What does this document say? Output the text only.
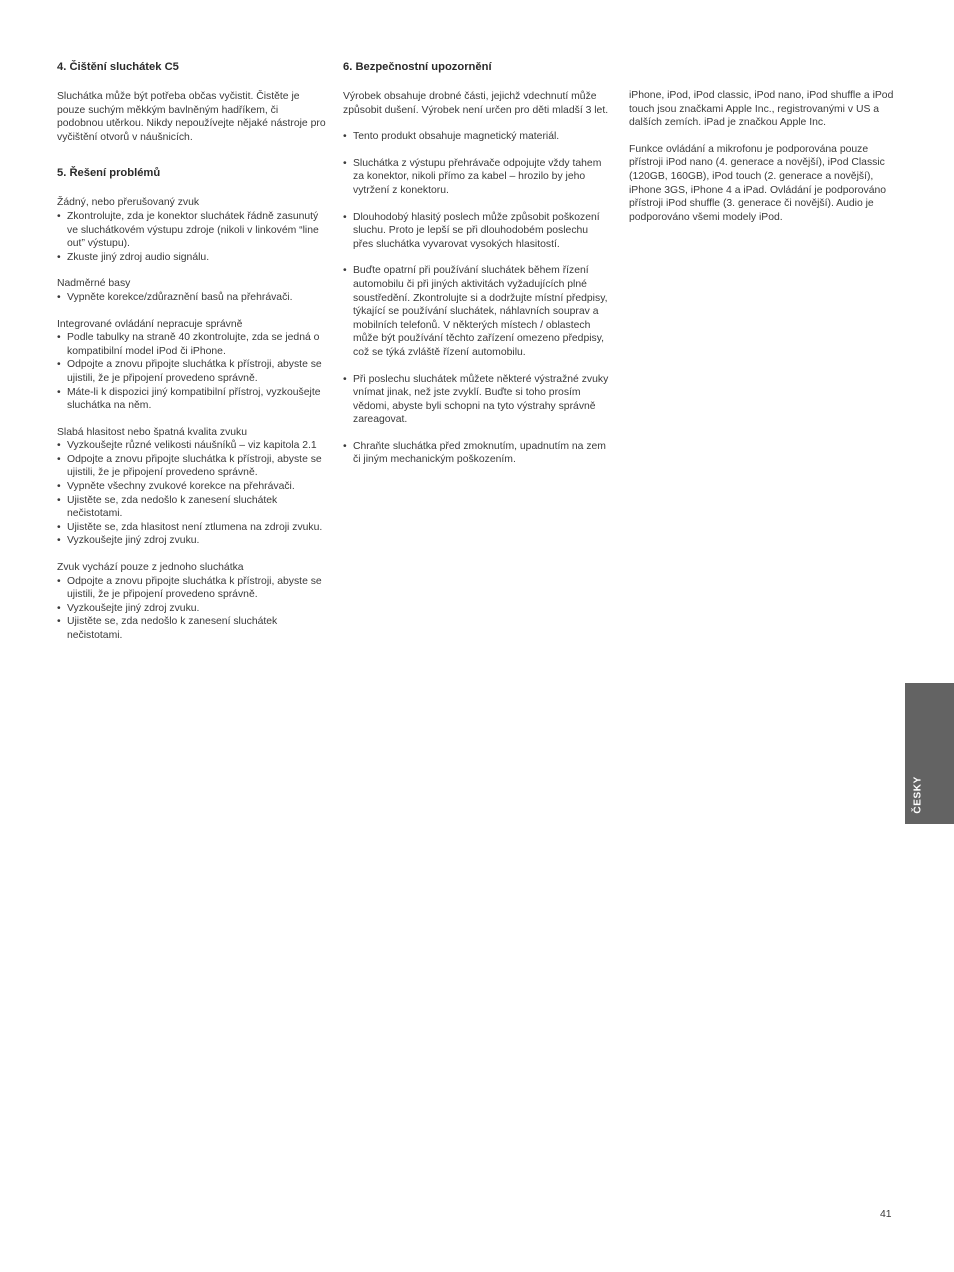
4. Čištění sluchátek C5

Sluchátka může být potřeba občas vyčistit. Čistěte je pouze suchým měkkým bavlněným hadříkem, či podobnou utěrkou. Nikdy nepoužívejte nějaké nástroje pro vyčištění otvorů v náušnicích.

5. Řešení problémů

Žádný, nebo přerušovaný zvuk

• Zkontrolujte, zda je konektor sluchátek řádně zasunutý ve sluchátkovém výstupu zdroje (nikoli v linkovém “line out” výstupu).
• Zkuste jiný zdroj audio signálu.

Nadměrné basy

• Vypněte korekce/zdůraznění basů na přehrávači.

Integrované ovládání nepracuje správně

• Podle tabulky na straně 40 zkontrolujte, zda se jedná o kompatibilní model iPod či iPhone.
• Odpojte a znovu připojte sluchátka k přístroji, abyste se ujistili, že je připojení provedeno správně.
• Máte-li k dispozici jiný kompatibilní přístroj, vyzkoušejte sluchátka na něm.

Slabá hlasitost nebo špatná kvalita zvuku

• Vyzkoušejte různé velikosti náušníků – viz kapitola 2.1
• Odpojte a znovu připojte sluchátka k přístroji, abyste se ujistili, že je připojení provedeno správně.
• Vypněte všechny zvukové korekce na přehrávači.
• Ujistěte se, zda nedošlo k zanesení sluchátek nečistotami.
• Ujistěte se, zda hlasitost není ztlumena na zdroji zvuku.
• Vyzkoušejte jiný zdroj zvuku.

Zvuk vychází pouze z jednoho sluchátka

• Odpojte a znovu připojte sluchátka k přístroji, abyste se ujistili, že je připojení provedeno správně.
• Vyzkoušejte jiný zdroj zvuku.
• Ujistěte se, zda nedošlo k zanesení sluchátek nečistotami.
6. Bezpečnostní upozornění

Výrobek obsahuje drobné části, jejichž vdechnutí může způsobit dušení. Výrobek není určen pro děti mladší 3 let.

• Tento produkt obsahuje magnetický materiál.
• Sluchátka z výstupu přehrávače odpojujte vždy tahem za konektor, nikoli přímo za kabel – hrozilo by jeho vytržení z konektoru.
• Dlouhodobý hlasitý poslech může způsobit poškození sluchu. Proto je lepší se při dlouhodobém poslechu přes sluchátka vyvarovat vysokých hlasitostí.
• Buďte opatrní při používání sluchátek během řízení automobilu či při jiných aktivitách vyžadujících plné soustředění. Zkontrolujte si a dodržujte místní předpisy, týkající se používání sluchátek, náhlavních souprav a mobilních telefonů. V některých místech / oblastech může být používání těchto zařízení omezeno předpisy, což se týká zvláště řízení automobilu.
• Při poslechu sluchátek můžete některé výstražné zvuky vnímat jinak, než jste zvyklí. Buďte si toho prosím vědomi, abyste byli schopni na tyto výstrahy správně zareagovat.
• Chraňte sluchátka před zmoknutím, upadnutím na zem či jiným mechanickým poškozením.

iPhone, iPod, iPod classic, iPod nano, iPod shuffle a iPod touch jsou značkami Apple Inc., registrovanými v US a dalších zemích. iPad je značkou Apple Inc.

Funkce ovládání a mikrofonu je podporována pouze přístroji iPod nano (4. generace a novější), iPod Classic (120GB, 160GB), iPod touch (2. generace a novější), iPhone 3GS, iPhone 4 a iPad. Ovládání je podporováno přístroji iPod shuffle (3. generace či novější). Audio je podporováno všemi modely iPod.

ČESKY
41
